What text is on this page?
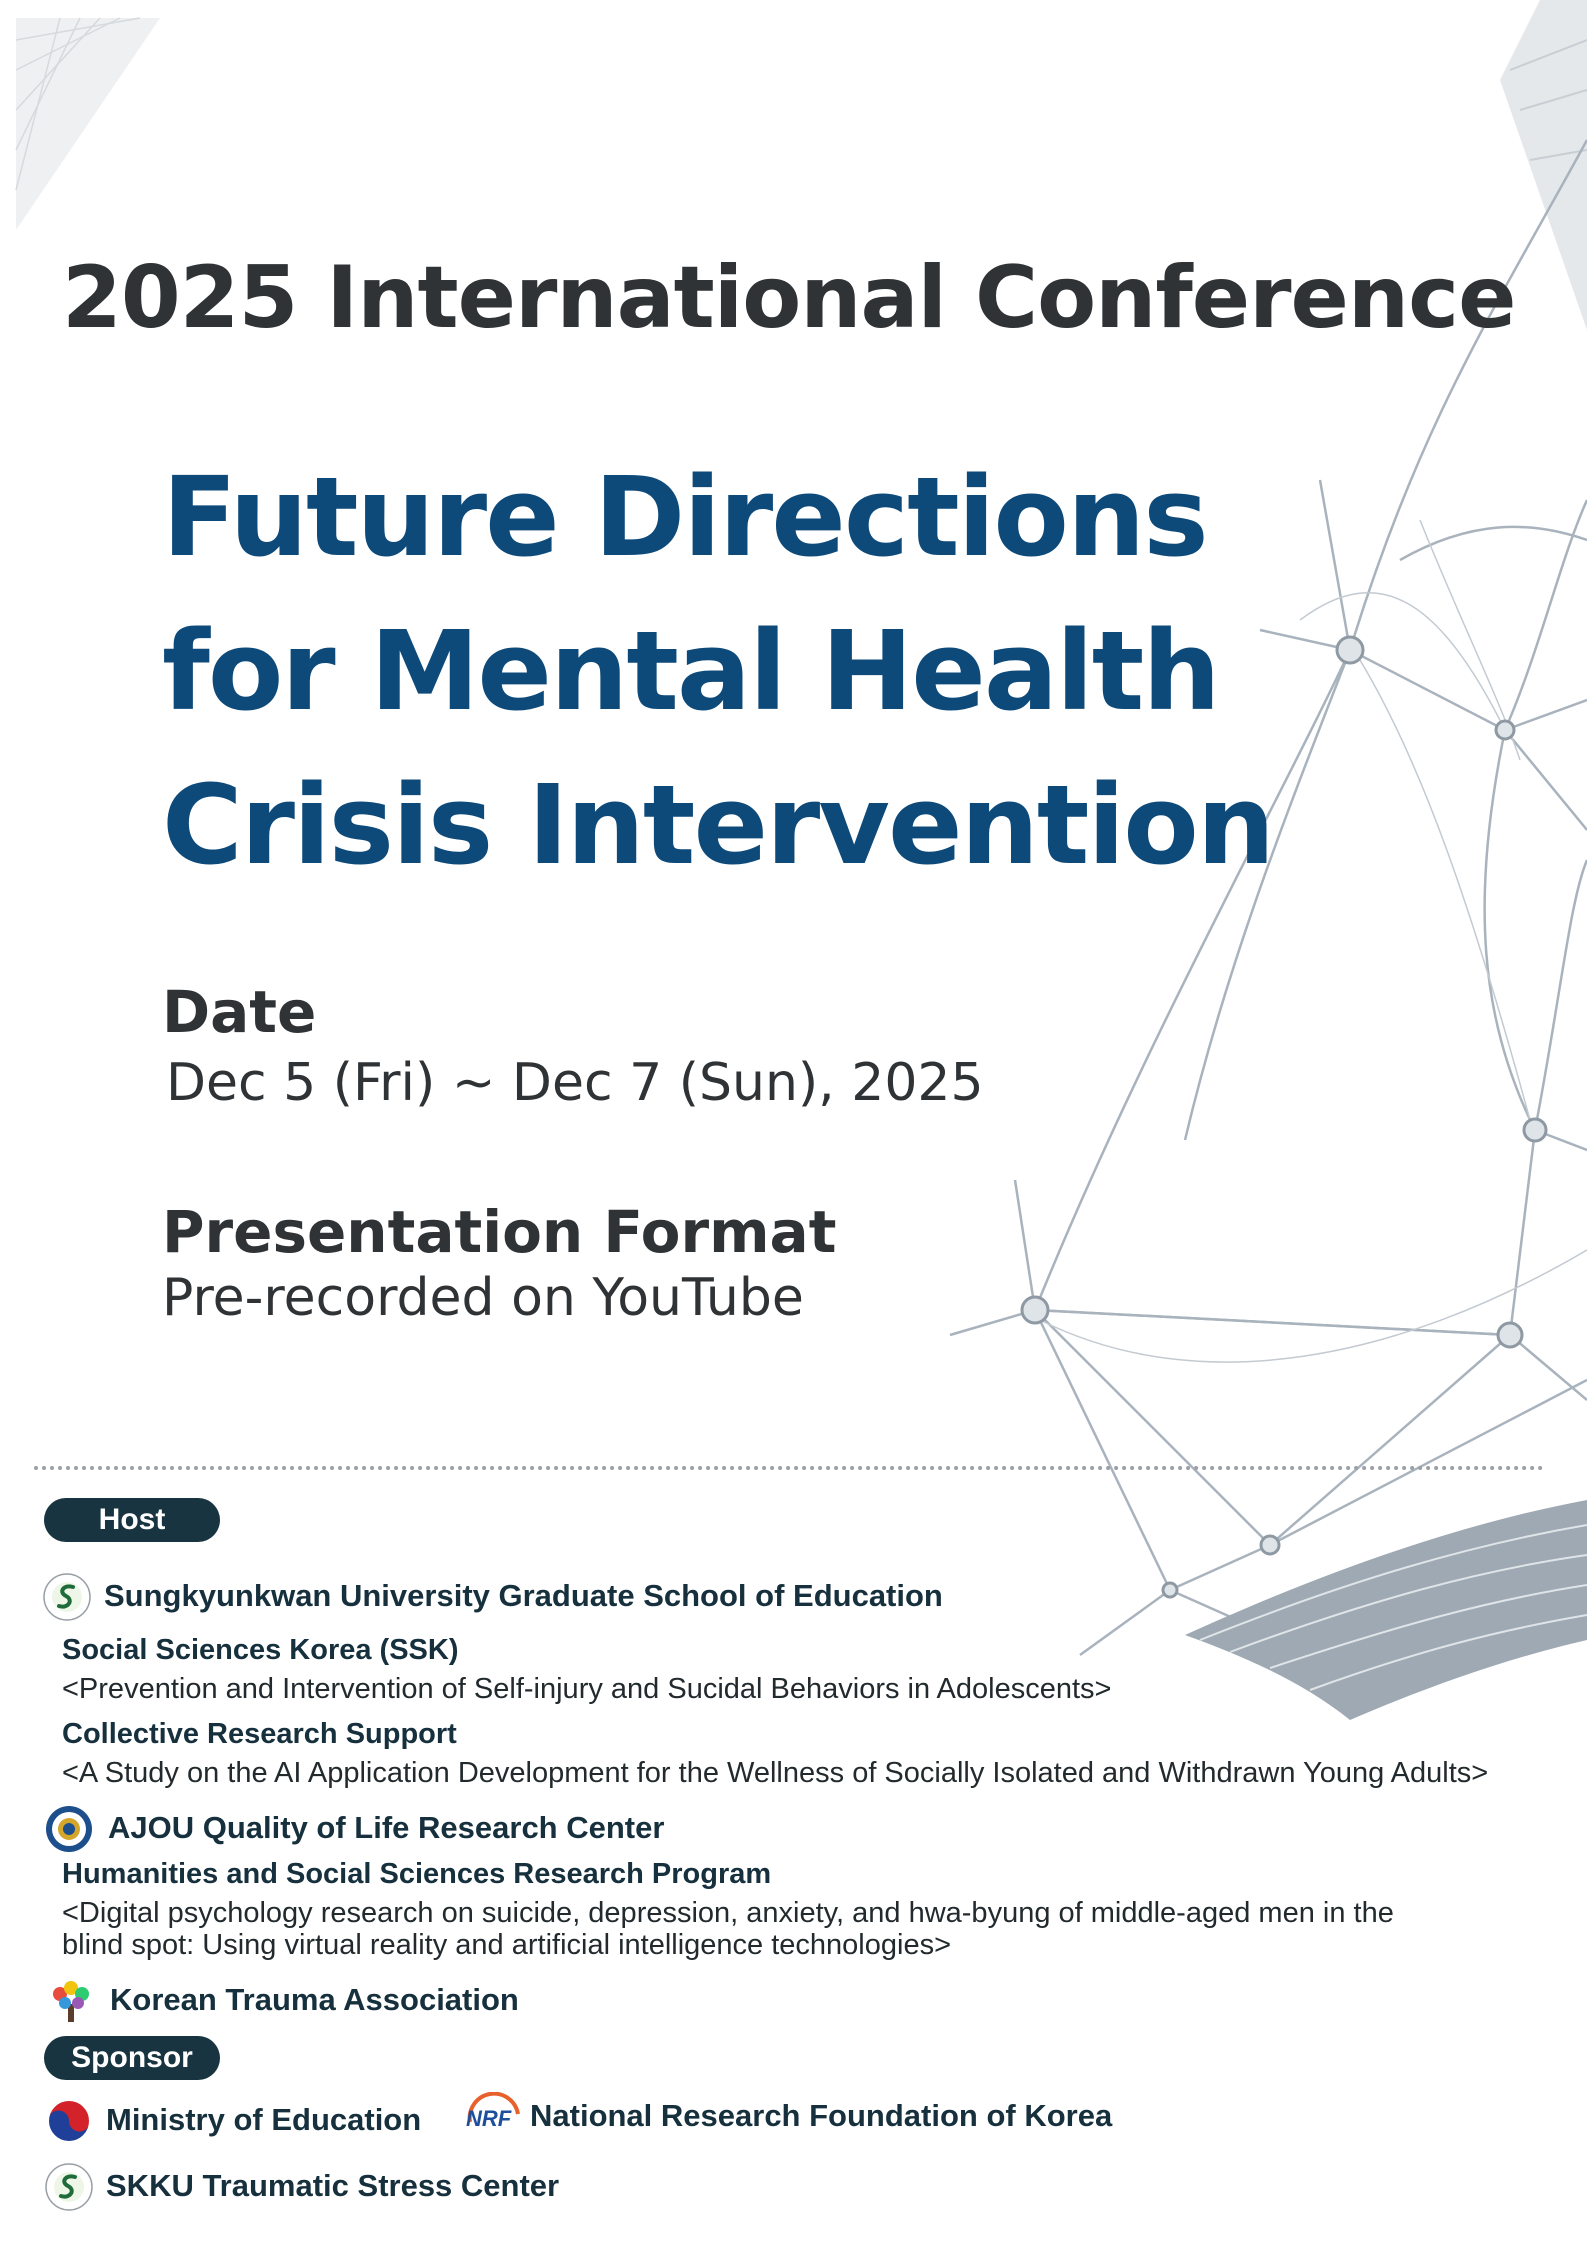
2025 International Conference
Future Directions
for Mental Health
Crisis Intervention
Date
Dec 5 (Fri) ~ Dec 7 (Sun), 2025
Presentation Format
Pre-recorded on YouTube
Host
Sungkyunkwan University Graduate School of Education
Social Sciences Korea (SSK)
<Prevention and Intervention of Self-injury and Sucidal Behaviors in Adolescents>
Collective Research Support
<A Study on the AI Application Development for the Wellness of Socially Isolated and Withdrawn Young Adults>
AJOU Quality of Life Research Center
Humanities and Social Sciences Research Program
<Digital psychology research on suicide, depression, anxiety, and hwa-byung of middle-aged men in the
blind spot: Using virtual reality and artificial intelligence technologies>
Korean Trauma Association
Sponsor
Ministry of Education NRF National Research Foundation of Korea
SKKU Traumatic Stress Center
